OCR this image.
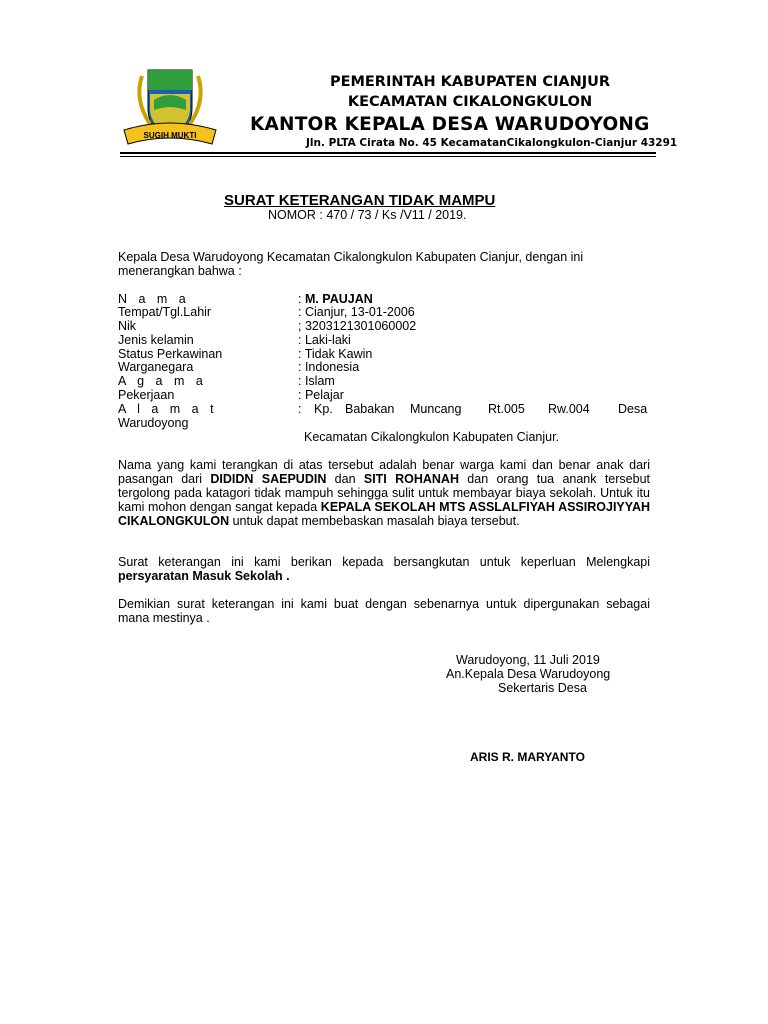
SUGIH MUKTI
PEMERINTAH KABUPATEN CIANJUR
KECAMATAN CIKALONGKULON
KANTOR KEPALA DESA WARUDOYONG
Jln. PLTA Cirata No. 45 KecamatanCikalongkulon-Cianjur 43291
SURAT KETERANGAN TIDAK MAMPU
NOMOR : 470 / 73 / Ks /V11 / 2019.
Kepala Desa Warudoyong Kecamatan Cikalongkulon Kabupaten Cianjur, dengan ini
menerangkan bahwa :
N a m a	: M. PAUJAN
Tempat/Tgl.Lahir	: Cianjur, 13-01-2006
Nik	; 3203121301060002
Jenis kelamin	: Laki-laki
Status Perkawinan	: Tidak Kawin
Warganegara	: Indonesia
A g a m a	: Islam
Pekerjaan	: Pelajar
A l a m a t	: Kp. Babakan Muncang Rt.005 Rw.004 Desa
Warudoyong
Kecamatan Cikalongkulon Kabupaten Cianjur.
Nama yang kami terangkan di atas tersebut adalah benar warga kami dan benar anak dari pasangan dari DIDIDN SAEPUDIN dan SITI ROHANAH dan orang tua anank tersebut tergolong pada katagori tidak mampuh sehingga sulit untuk membayar biaya sekolah. Untuk itu kami mohon dengan sangat kepada KEPALA SEKOLAH MTS ASSLALFIYAH ASSIROJIYYAH CIKALONGKULON untuk dapat membebaskan masalah biaya tersebut.
Surat keterangan ini kami berikan kepada bersangkutan untuk keperluan Melengkapi persyaratan Masuk Sekolah .
Demikian surat keterangan ini kami buat dengan sebenarnya untuk dipergunakan sebagai mana mestinya .
Warudoyong, 11 Juli 2019
An.Kepala Desa Warudoyong
Sekertaris Desa
ARIS R. MARYANTO
